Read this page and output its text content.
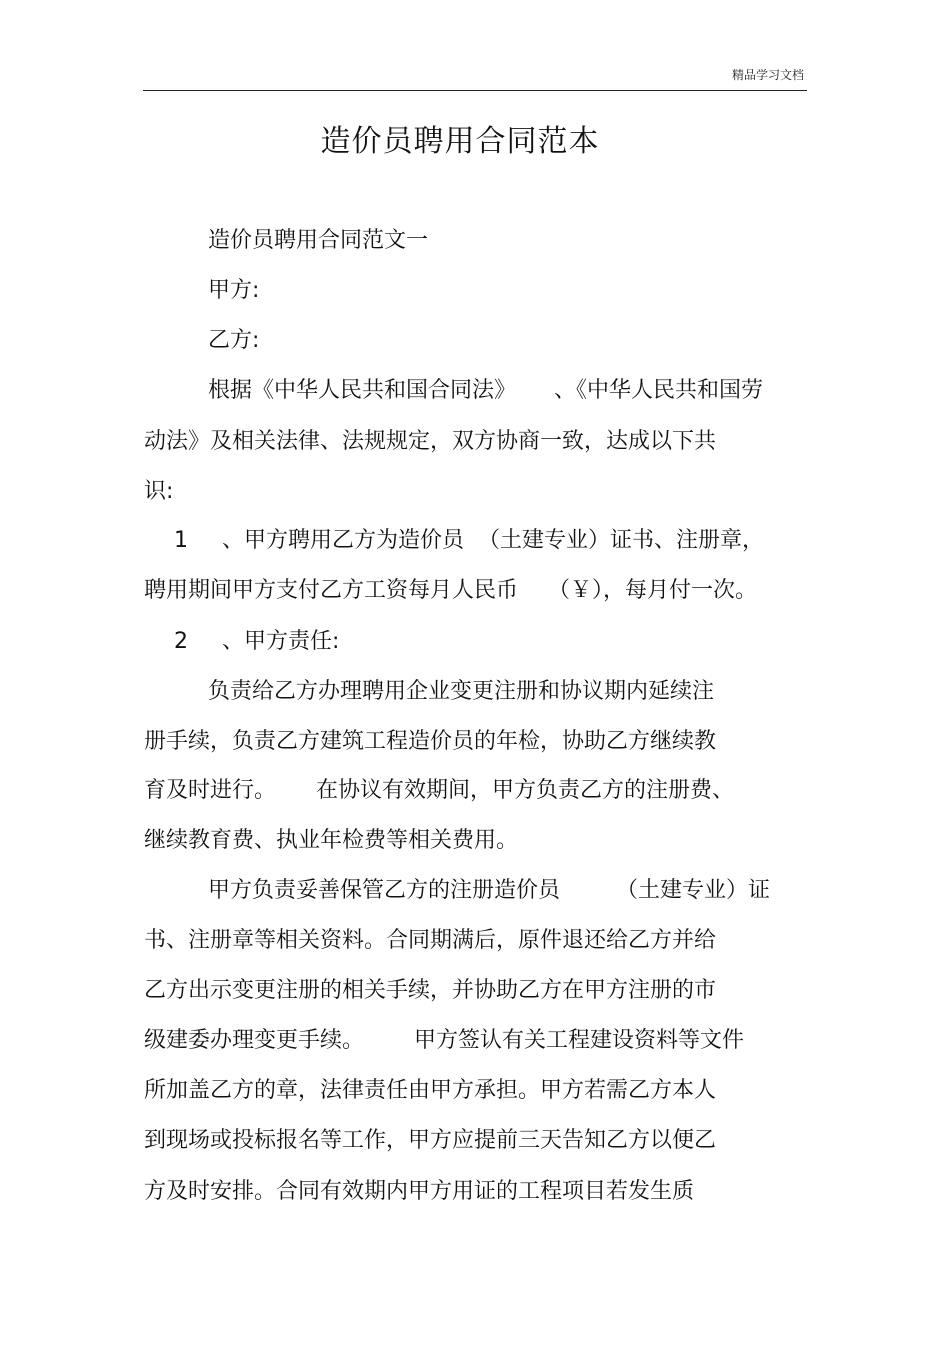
精品学习文档
造价员聘用合同范本
造价员聘用合同范文一
甲方:
乙方:
根据《中华人民共和国合同法》 、《中华人民共和国劳
动法》及相关法律、法规规定，双方协商一致，达成以下共
识:
1 、甲方聘用乙方为造价员 （土建专业）证书、注册章，
聘用期间甲方支付乙方工资每月人民币 （￥），每月付一次。
2 、甲方责任:
负责给乙方办理聘用企业变更注册和协议期内延续注
册手续，负责乙方建筑工程造价员的年检，协助乙方继续教
育及时进行。 在协议有效期间，甲方负责乙方的注册费、
继续教育费、执业年检费等相关费用。
甲方负责妥善保管乙方的注册造价员	（土建专业）证
书、注册章等相关资料。合同期满后，原件退还给乙方并给
乙方出示变更注册的相关手续，并协助乙方在甲方注册的市
级建委办理变更手续。 甲方签认有关工程建设资料等文件
所加盖乙方的章，法律责任由甲方承担。甲方若需乙方本人
到现场或投标报名等工作，甲方应提前三天告知乙方以便乙
方及时安排。合同有效期内甲方用证的工程项目若发生质
